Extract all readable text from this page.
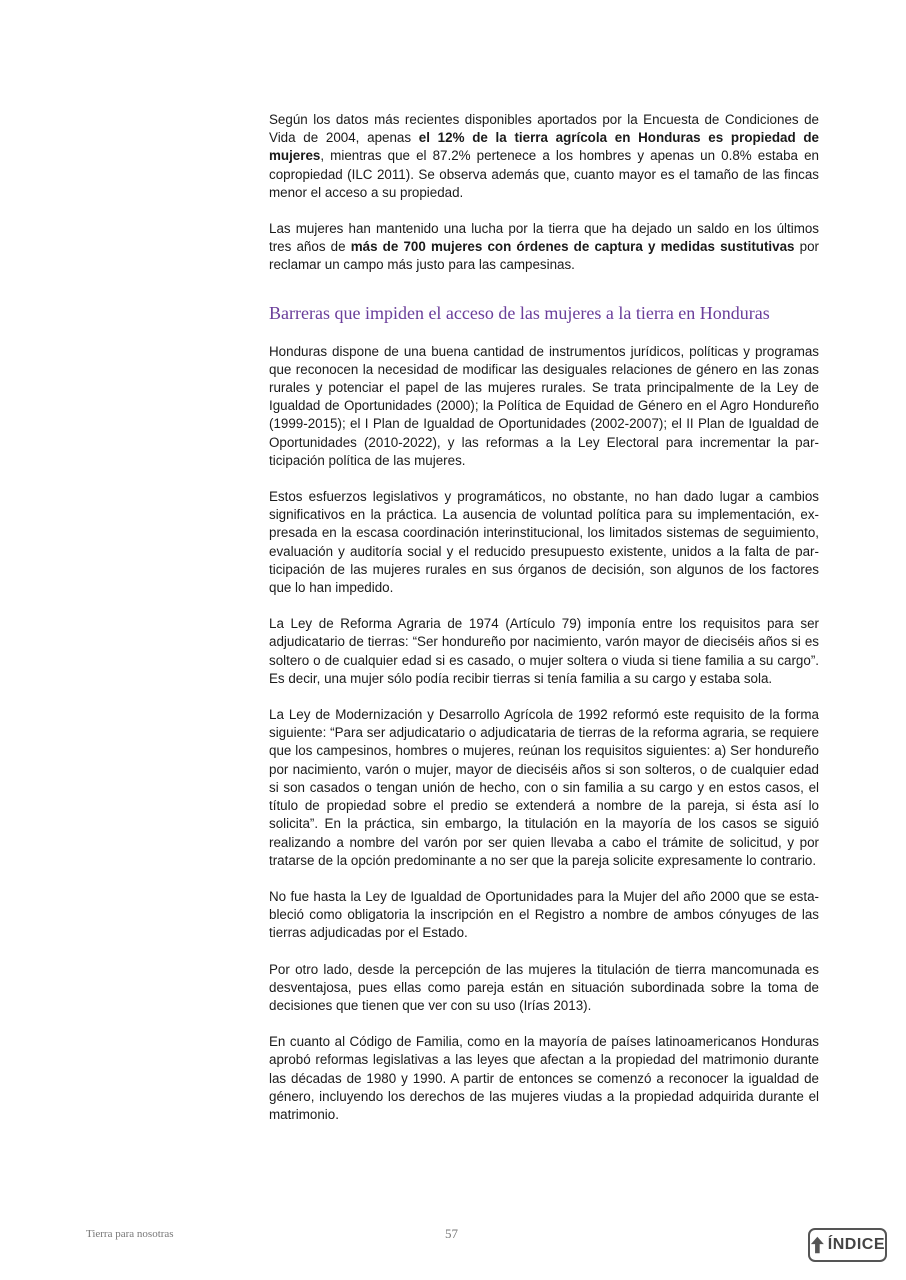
Según los datos más recientes disponibles aportados por la Encuesta de Condiciones de Vida de 2004, apenas el 12% de la tierra agrícola en Honduras es propiedad de mujeres, mientras que el 87.2% pertenece a los hombres y apenas un 0.8% estaba en copropiedad (ILC 2011). Se observa además que, cuanto mayor es el tamaño de las fincas menor el acceso a su propiedad.

Las mujeres han mantenido una lucha por la tierra que ha dejado un saldo en los últimos tres años de más de 700 mujeres con órdenes de captura y medidas sustitutivas por reclamar un campo más justo para las campesinas.

Barreras que impiden el acceso de las mujeres a la tierra en Honduras

Honduras dispone de una buena cantidad de instrumentos jurídicos, políticas y programas que reconocen la necesidad de modificar las desiguales relaciones de género en las zonas rurales y potenciar el papel de las mujeres rurales. Se trata principalmente de la Ley de Igualdad de Oportunidades (2000); la Política de Equidad de Género en el Agro Hondureño (1999-2015); el I Plan de Igualdad de Oportunidades (2002-2007); el II Plan de Igualdad de Oportunidades (2010-2022), y las reformas a la Ley Electoral para incrementar la participación política de las mujeres.

Estos esfuerzos legislativos y programáticos, no obstante, no han dado lugar a cambios significativos en la práctica. La ausencia de voluntad política para su implementación, expresada en la escasa coordinación interinstitucional, los limitados sistemas de seguimiento, evaluación y auditoría social y el reducido presupuesto existente, unidos a la falta de participación de las mujeres rurales en sus órganos de decisión, son algunos de los factores que lo han impedido.

La Ley de Reforma Agraria de 1974 (Artículo 79) imponía entre los requisitos para ser adjudicatario de tierras: “Ser hondureño por nacimiento, varón mayor de dieciséis años si es soltero o de cualquier edad si es casado, o mujer soltera o viuda si tiene familia a su cargo”. Es decir, una mujer sólo podía recibir tierras si tenía familia a su cargo y estaba sola.

La Ley de Modernización y Desarrollo Agrícola de 1992 reformó este requisito de la forma siguiente: “Para ser adjudicatario o adjudicataria de tierras de la reforma agraria, se requiere que los campesinos, hombres o mujeres, reúnan los requisitos siguientes: a) Ser hondureño por nacimiento, varón o mujer, mayor de dieciséis años si son solteros, o de cualquier edad si son casados o tengan unión de hecho, con o sin familia a su cargo y en estos casos, el título de propiedad sobre el predio se extenderá a nombre de la pareja, si ésta así lo solicita”. En la práctica, sin embargo, la titulación en la mayoría de los casos se siguió realizando a nombre del varón por ser quien llevaba a cabo el trámite de solicitud, y por tratarse de la opción predominante a no ser que la pareja solicite expresamente lo contrario.

No fue hasta la Ley de Igualdad de Oportunidades para la Mujer del año 2000 que se estableció como obligatoria la inscripción en el Registro a nombre de ambos cónyuges de las tierras adjudicadas por el Estado.

Por otro lado, desde la percepción de las mujeres la titulación de tierra mancomunada es desventajosa, pues ellas como pareja están en situación subordinada sobre la toma de decisiones que tienen que ver con su uso (Irías 2013).

En cuanto al Código de Familia, como en la mayoría de países latinoamericanos Honduras aprobó reformas legislativas a las leyes que afectan a la propiedad del matrimonio durante las décadas de 1980 y 1990. A partir de entonces se comenzó a reconocer la igualdad de género, incluyendo los derechos de las mujeres viudas a la propiedad adquirida durante el matrimonio.

Tierra para nosotras	57
ÍNDICE
